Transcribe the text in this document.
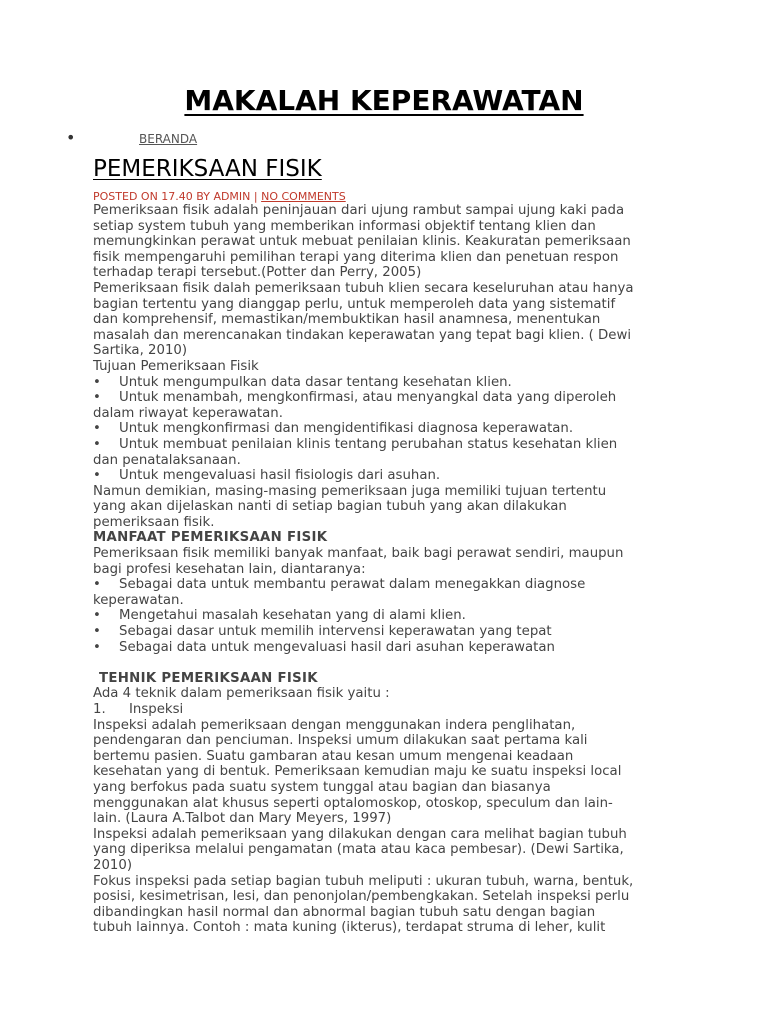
MAKALAH KEPERAWATAN
•	BERANDA
PEMERIKSAAN FISIK
POSTED ON 17.40 BY ADMIN | NO COMMENTS

Pemeriksaan fisik adalah peninjauan dari ujung rambut sampai ujung kaki pada

setiap system tubuh yang memberikan informasi objektif tentang klien dan

memungkinkan perawat untuk mebuat penilaian klinis. Keakuratan pemeriksaan

fisik mempengaruhi pemilihan terapi yang diterima klien dan penetuan respon

terhadap terapi tersebut.(Potter dan Perry, 2005)

Pemeriksaan fisik dalah pemeriksaan tubuh klien secara keseluruhan atau hanya

bagian tertentu yang dianggap perlu, untuk memperoleh data yang sistematif

dan komprehensif, memastikan/membuktikan hasil anamnesa, menentukan

masalah dan merencanakan tindakan keperawatan yang tepat bagi klien. ( Dewi

Sartika, 2010)

Tujuan Pemeriksaan Fisik

• Untuk mengumpulkan data dasar tentang kesehatan klien.

• Untuk menambah, mengkonfirmasi, atau menyangkal data yang diperoleh

dalam riwayat keperawatan.

• Untuk mengkonfirmasi dan mengidentifikasi diagnosa keperawatan.

• Untuk membuat penilaian klinis tentang perubahan status kesehatan klien

dan penatalaksanaan.

• Untuk mengevaluasi hasil fisiologis dari asuhan.

Namun demikian, masing-masing pemeriksaan juga memiliki tujuan tertentu

yang akan dijelaskan nanti di setiap bagian tubuh yang akan dilakukan

pemeriksaan fisik.

MANFAAT PEMERIKSAAN FISIK

Pemeriksaan fisik memiliki banyak manfaat, baik bagi perawat sendiri, maupun

bagi profesi kesehatan lain, diantaranya:

• Sebagai data untuk membantu perawat dalam menegakkan diagnose

keperawatan.

• Mengetahui masalah kesehatan yang di alami klien.

• Sebagai dasar untuk memilih intervensi keperawatan yang tepat

• Sebagai data untuk mengevaluasi hasil dari asuhan keperawatan

TEHNIK PEMERIKSAAN FISIK

Ada 4 teknik dalam pemeriksaan fisik yaitu :

1. Inspeksi

Inspeksi adalah pemeriksaan dengan menggunakan indera penglihatan,

pendengaran dan penciuman. Inspeksi umum dilakukan saat pertama kali

bertemu pasien. Suatu gambaran atau kesan umum mengenai keadaan

kesehatan yang di bentuk. Pemeriksaan kemudian maju ke suatu inspeksi local

yang berfokus pada suatu system tunggal atau bagian dan biasanya

menggunakan alat khusus seperti optalomoskop, otoskop, speculum dan lain-

lain. (Laura A.Talbot dan Mary Meyers, 1997)

Inspeksi adalah pemeriksaan yang dilakukan dengan cara melihat bagian tubuh

yang diperiksa melalui pengamatan (mata atau kaca pembesar). (Dewi Sartika,

2010)

Fokus inspeksi pada setiap bagian tubuh meliputi : ukuran tubuh, warna, bentuk,

posisi, kesimetrisan, lesi, dan penonjolan/pembengkakan. Setelah inspeksi perlu

dibandingkan hasil normal dan abnormal bagian tubuh satu dengan bagian

tubuh lainnya. Contoh : mata kuning (ikterus), terdapat struma di leher, kulit
